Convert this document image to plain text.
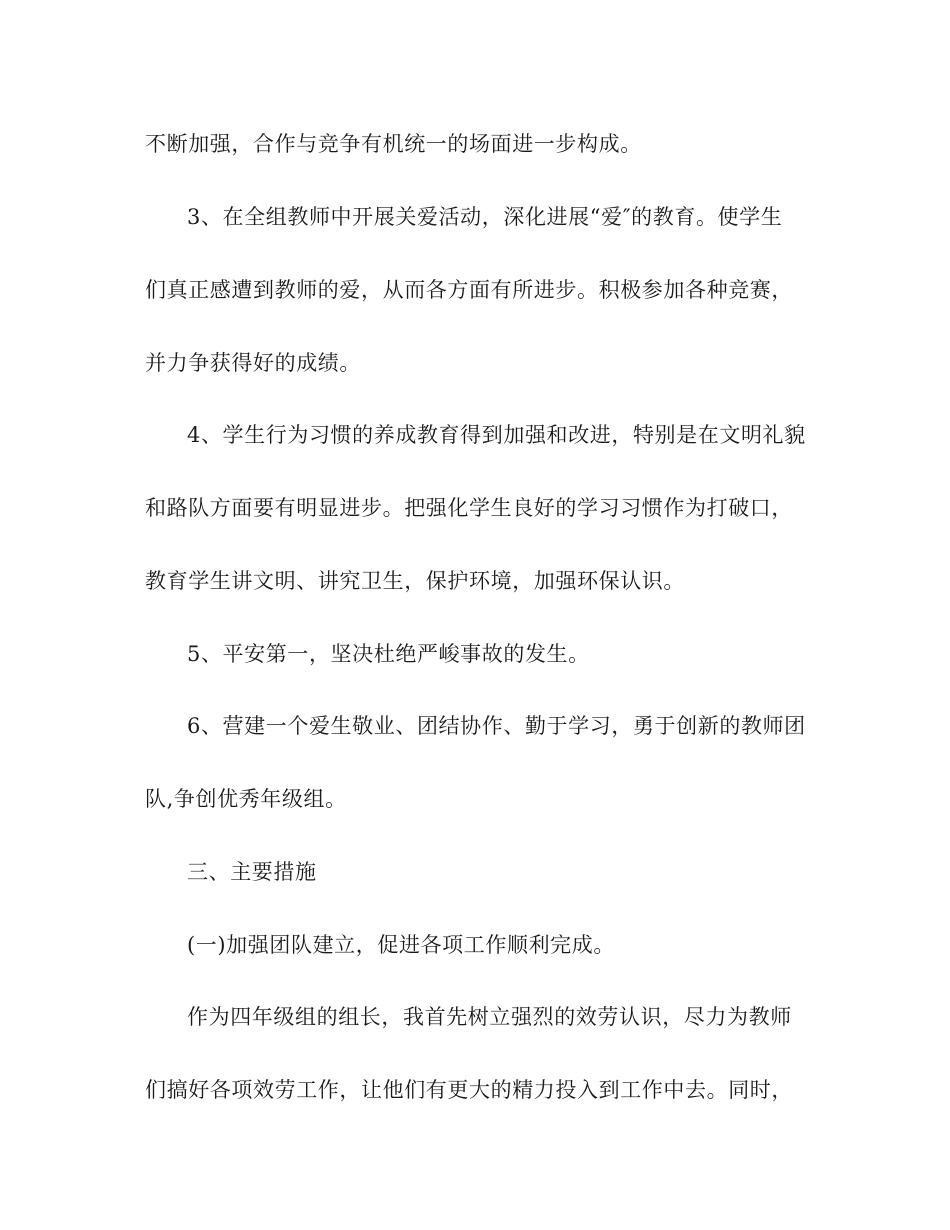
不断加强，合作与竞争有机统一的场面进一步构成。
3、在全组教师中开展关爱活动，深化进展“爱″的教育。使学生
们真正感遭到教师的爱，从而各方面有所进步。积极参加各种竞赛，
并力争获得好的成绩。
4、学生行为习惯的养成教育得到加强和改进，特别是在文明礼貌
和路队方面要有明显进步。把强化学生良好的学习习惯作为打破口，
教育学生讲文明、讲究卫生，保护环境，加强环保认识。
5、平安第一，坚决杜绝严峻事故的发生。
6、营建一个爱生敬业、团结协作、勤于学习，勇于创新的教师团
队,争创优秀年级组。
三、主要措施
(一)加强团队建立，促进各项工作顺利完成。
作为四年级组的组长，我首先树立强烈的效劳认识，尽力为教师
们搞好各项效劳工作，让他们有更大的精力投入到工作中去。同时，
